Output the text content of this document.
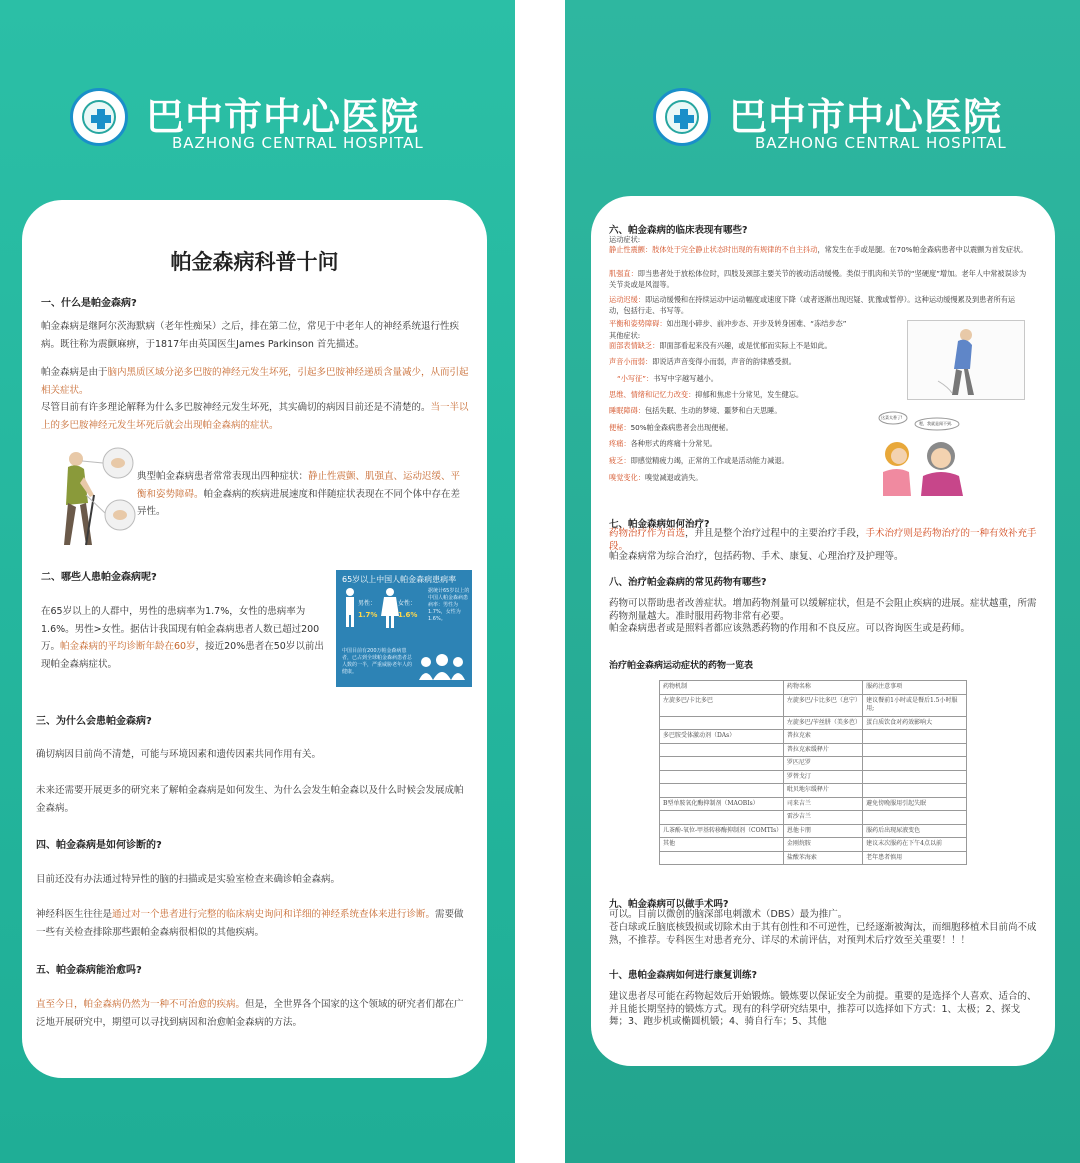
巴中市中心医院
BAZHONG CENTRAL HOSPITAL
帕金森病科普十问
一、什么是帕金森病?
帕金森病是继阿尔茨海默病（老年性痴呆）之后，排在第二位，常见于中老年人的神经系统退行性疾病。既往称为震颤麻痹，于1817年由英国医生James Parkinson 首先描述。
帕金森病是由于脑内黑质区域分泌多巴胺的神经元发生坏死，引起多巴胺神经递质含量减少，从而引起相关症状。
尽管目前有许多理论解释为什么多巴胺神经元发生坏死，其实确切的病因目前还是不清楚的。当一半以上的多巴胺神经元发生坏死后就会出现帕金森病的症状。
典型帕金森病患者常常表现出四种症状：静止性震颤、肌强直、运动迟缓、平衡和姿势障碍。帕金森病的疾病进展速度和伴随症状表现在不同个体中存在差异性。
二、哪些人患帕金森病呢?
在65岁以上的人群中，男性的患病率为1.7%，女性的患病率为1.6%。男性>女性。据估计我国现有帕金森病患者人数已超过200万。帕金森病的平均诊断年龄在60岁，接近20%患者在50岁以前出现帕金森病症状。
65岁以上中国人帕金森病患病率
男性：
1.7%
女性：
1.6%
据统计65岁以上的中国人帕金森病患病率：男性为1.7%，女性为1.6%。
中国目前有200万帕金森病患者，已占到全球帕金森病患者总人数的一半，严重威胁老年人的健康。
三、为什么会患帕金森病?
确切病因目前尚不清楚，可能与环境因素和遗传因素共同作用有关。
未来还需要开展更多的研究来了解帕金森病是如何发生、为什么会发生帕金森以及什么时候会发展成帕金森病。
四、帕金森病是如何诊断的?
目前还没有办法通过特异性的脑的扫描或是实验室检查来确诊帕金森病。
神经科医生往往是通过对一个患者进行完整的临床病史询问和详细的神经系统查体来进行诊断。需要做一些有关检查排除那些跟帕金森病很相似的其他疾病。
五、帕金森病能治愈吗?
直至今日，帕金森病仍然为一种不可治愈的疾病。但是，全世界各个国家的这个领域的研究者们都在广泛地开展研究中，期望可以寻找到病因和治愈帕金森病的方法。
巴中市中心医院
BAZHONG CENTRAL HOSPITAL
六、帕金森病的临床表现有哪些?
运动症状:
静止性震颤：肢体处于完全静止状态时出现的有规律的不自主抖动，常发生在手或是腿。在70%帕金森病患者中以震颤为首发症状。
肌强直：即当患者处于放松体位时，四肢及颈部主要关节的被动活动缓慢。类似于肌肉和关节的“坚硬度”增加。老年人中常被误诊为关节炎或是风湿等。
运动迟缓：即运动缓慢和在持续运动中运动幅度或速度下降（或者逐渐出现迟疑、犹豫或暂停）。这种运动缓慢累及到患者所有运动，包括行走、书写等。
平衡和姿势障碍：如出现小碎步、前冲步态、开步及转身困难、“冻结步态”
其他症状:
面部表情缺乏：即面部看起来没有兴趣，或是忧郁而实际上不是如此。
声音小而弱：即说话声音变得小而弱，声音的韵律感受损。
“小写征”：书写中字越写越小。
思维、情绪和记忆力改变：抑郁和焦虑十分常见，发生健忘。
睡眠障碍：包括失眠、生动的梦境、噩梦和白天思睡。
便秘：50%帕金森病患者会出现便秘。
疼痛：各种形式的疼痛十分常见。
疲乏：即感觉精疲力竭，正常的工作或是活动能力减退。
嗅觉变化：嗅觉减退或消失。
这菜太香了!
嗯，我就是闻不到.
七、帕金森病如何治疗?
药物治疗作为首选，并且是整个治疗过程中的主要治疗手段，手术治疗则是药物治疗的一种有效补充手段。
帕金森病常为综合治疗，包括药物、手术、康复、心理治疗及护理等。
八、治疗帕金森病的常见药物有哪些?
药物可以帮助患者改善症状。增加药物剂量可以缓解症状，但是不会阻止疾病的进展。症状越重，所需药物剂量越大。准时服用药物非常有必要。
帕金森病患者或是照料者都应该熟悉药物的作用和不良反应。可以咨询医生或是药师。
治疗帕金森病运动症状的药物一览表
药物机制	药物名称	服药注意事项
左旋多巴/卡比多巴	左旋多巴/卡比多巴（息宁）	建议餐前1小时或是餐后1.5小时服用;
	左旋多巴/苄丝肼（美多芭）	蛋白质饮食对药效影响大
多巴胺受体激动剂（DAs）	普拉克索	
	普拉克索缓释片	
	罗匹尼罗	
	罗替戈汀	
	吡贝地尔缓释片	
B型单胺氧化酶抑制剂（MAOBIs）	司来吉兰	避免傍晚服用引起失眠
	雷沙吉兰	
儿茶酚-氧位-甲基转移酶抑制剂（COMTIs）	恩他卡朋	服药后出现尿液变色
其他	金刚烷胺	建议末次服药在下午4点以前
	盐酸苯海索	老年患者慎用
九、帕金森病可以做手术吗?
可以。目前以微创的脑深部电刺激术（DBS）最为推广。
苍白球或丘脑底核毁损或切除术由于其有创性和不可逆性，已经逐渐被淘汰，而细胞移植术目前尚不成熟，不推荐。专科医生对患者充分、详尽的术前评估，对预判术后疗效至关重要！！！
十、患帕金森病如何进行康复训练?
建议患者尽可能在药物起效后开始锻炼。锻炼要以保证安全为前提。重要的是选择个人喜欢、适合的、并且能长期坚持的锻炼方式。现有的科学研究结果中，推荐可以选择如下方式：1、太极；2、探戈舞；3、跑步机或椭圆机锻；4、骑自行车；5、其他
